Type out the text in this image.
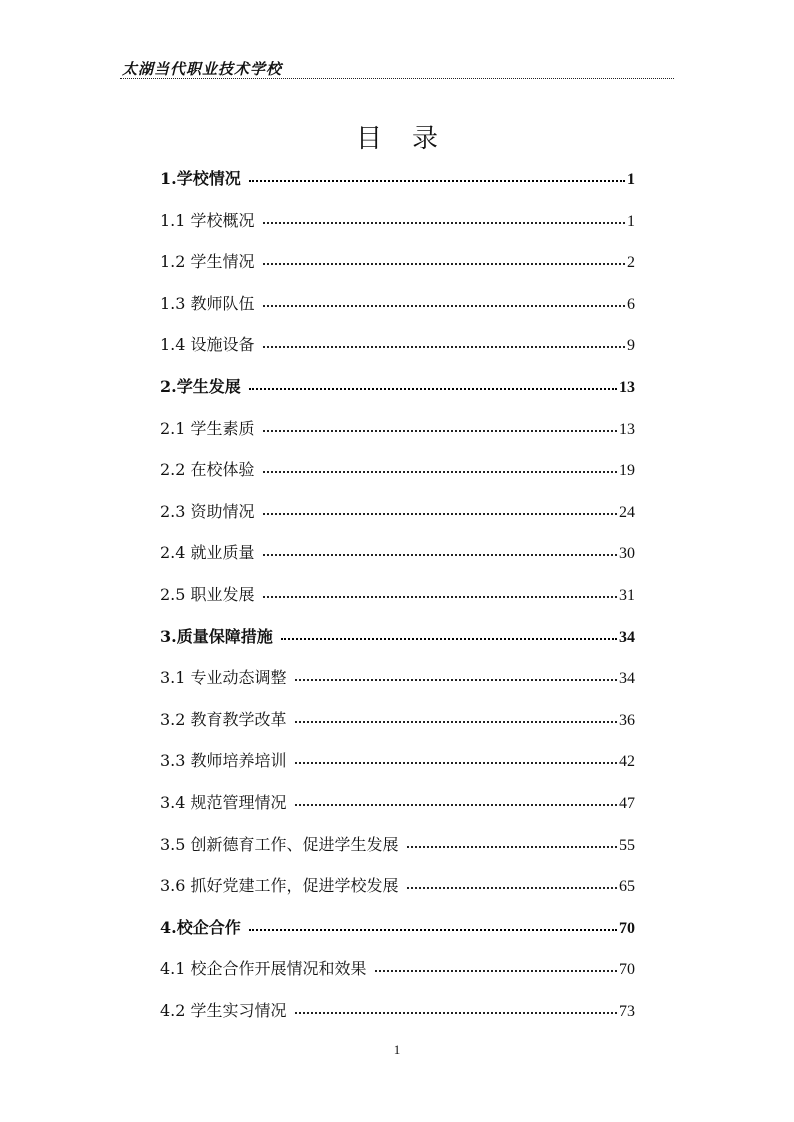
太湖当代职业技术学校
目录
1.学校情况	1
1.1 学校概况	1
1.2 学生情况	2
1.3 教师队伍	6
1.4 设施设备	9
2.学生发展	13
2.1 学生素质	13
2.2 在校体验	19
2.3 资助情况	24
2.4 就业质量	30
2.5 职业发展	31
3.质量保障措施	34
3.1 专业动态调整	34
3.2 教育教学改革	36
3.3 教师培养培训	42
3.4 规范管理情况	47
3.5 创新德育工作、促进学生发展	55
3.6 抓好党建工作，促进学校发展	65
4.校企合作	70
4.1 校企合作开展情况和效果	70
4.2 学生实习情况	73
1
